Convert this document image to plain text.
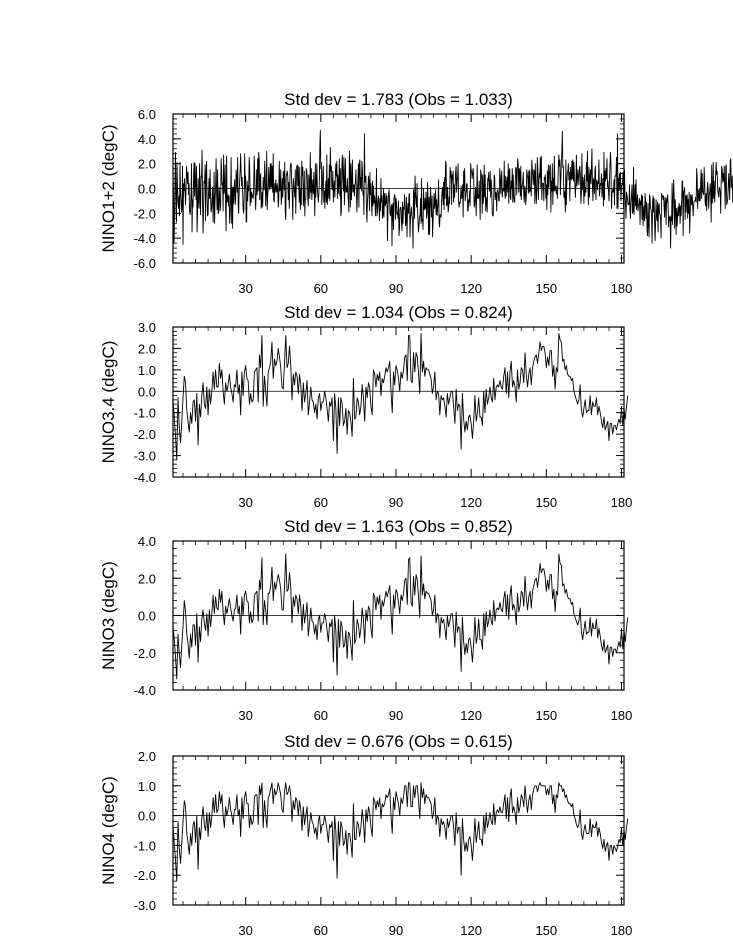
Std dev = 1.783 (Obs = 1.033)
NINO1+2 (degC)
30	60	90	120	150	180
-6.0
-4.0
-2.0
0.0
2.0
4.0
6.0
Std dev = 1.034 (Obs = 0.824)
NINO3.4 (degC)
30	60	90	120	150	180
-4.0
-3.0
-2.0
-1.0
0.0
1.0
2.0
3.0
Std dev = 1.163 (Obs = 0.852)
NINO3 (degC)
30	60	90	120	150	180
-4.0
-2.0
0.0
2.0
4.0
Std dev = 0.676 (Obs = 0.615)
NINO4 (degC)
30	60	90	120	150	180
-3.0
-2.0
-1.0
0.0
1.0
2.0
